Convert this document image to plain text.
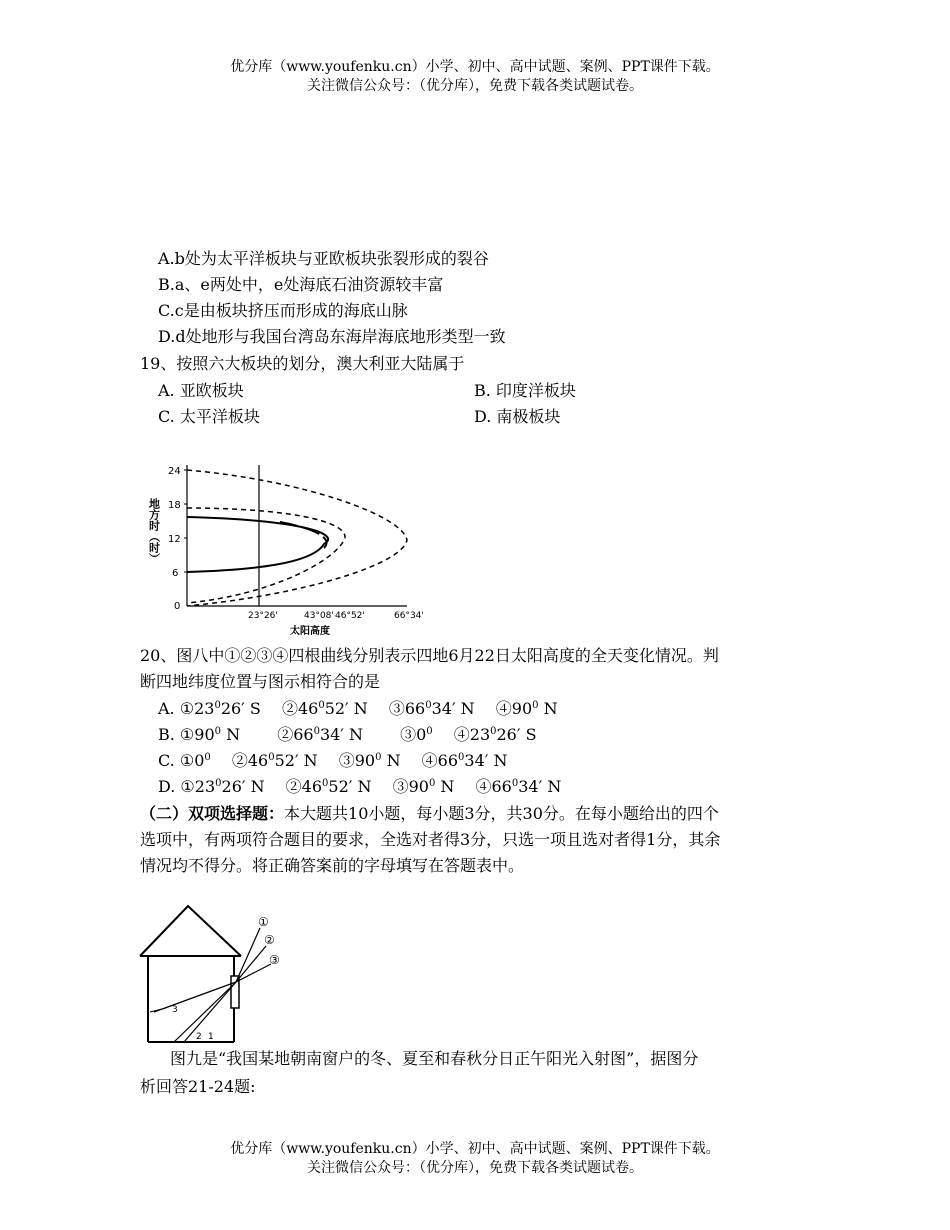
优分库（www.youfenku.cn）小学、初中、高中试题、案例、PPT课件下载。
关注微信公众号：（优分库），免费下载各类试题试卷。
A.b处为太平洋板块与亚欧板块张裂形成的裂谷
B.a、e两处中，e处海底石油资源较丰富
C.c是由板块挤压而形成的海底山脉
D.d处地形与我国台湾岛东海岸海底地形类型一致
19、按照六大板块的划分，澳大利亚大陆属于
A. 亚欧板块	B. 印度洋板块
C. 太平洋板块	D. 南极板块
地方时（时）
24
18
12
6
0
23°26'	43°08' 46°52'	66°34'
太阳高度
20、图八中①②③④四根曲线分别表示四地6月22日太阳高度的全天变化情况。判
断四地纬度位置与图示相符合的是
A. $①23^026'$ S　 $②46^052'$ N　 $③66^034'$ N　 $④90^0$ N
B. $①90^0$ N　　 $②66^034'$ N　　 $③0^0$　 $④23^026'$ S
C. $①0^0$　 $②46^052'$ N　 $③90^0$ N　 $④66^034'$ N
D. $①23^026'$ N　 $②46^052'$ N　 $③90^0$ N　 $④66^034'$ N
（二）双项选择题：本大题共10小题，每小题3分，共30分。在每小题给出的四个
选项中，有两项符合题目的要求，全选对者得3分，只选一项且选对者得1分，其余
情况均不得分。将正确答案前的字母填写在答题表中。
①
②
③
3
2 1
图九是“我国某地朝南窗户的冬、夏至和春秋分日正午阳光入射图”，据图分
析回答21-24题:
优分库（www.youfenku.cn）小学、初中、高中试题、案例、PPT课件下载。
关注微信公众号：（优分库），免费下载各类试题试卷。
